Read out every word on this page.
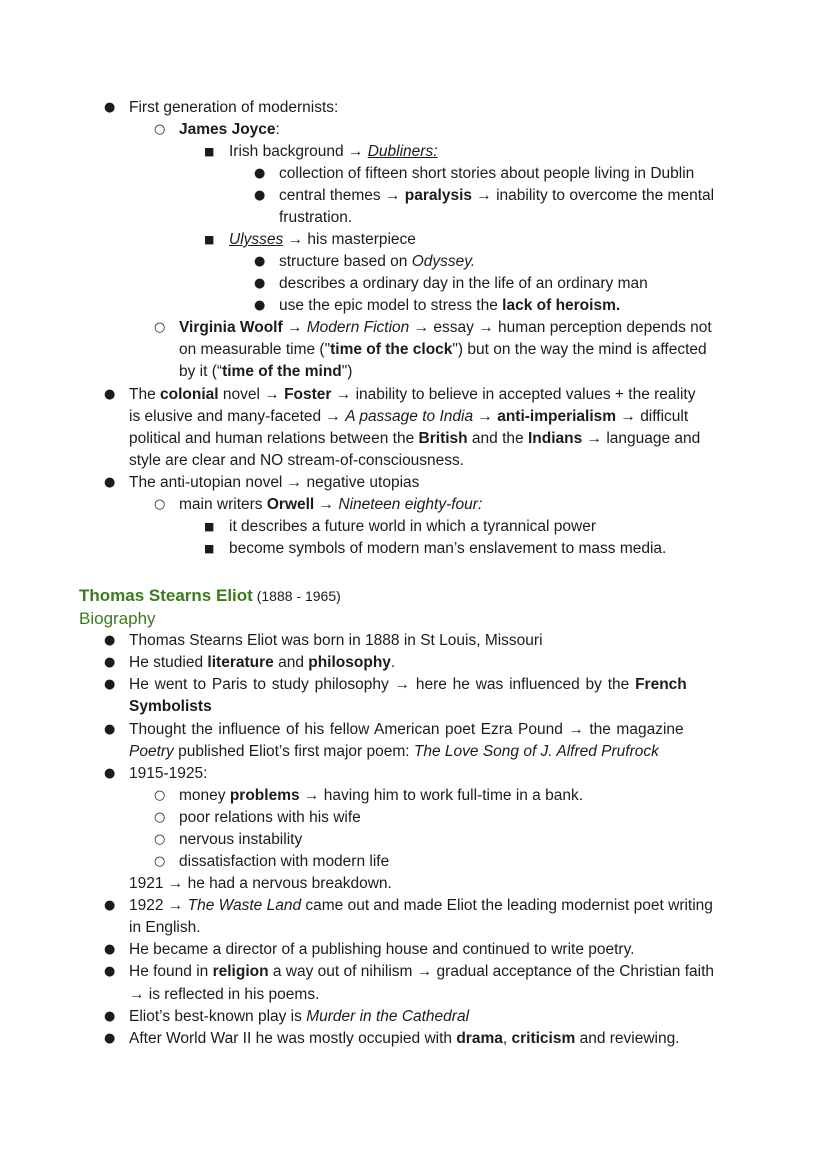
● First generation of modernists:
○ James Joyce:
■ Irish background → Dubliners:
● collection of fifteen short stories about people living in Dublin
● central themes → paralysis → inability to overcome the mental
frustration.
■ Ulysses → his masterpiece
● structure based on Odyssey.
● describes a ordinary day in the life of an ordinary man
● use the epic model to stress the lack of heroism.
○ Virginia Woolf → Modern Fiction → essay → human perception depends not
on measurable time ("time of the clock") but on the way the mind is affected
by it (“time of the mind")
● The colonial novel → Foster → inability to believe in accepted values + the reality
is elusive and many-faceted → A passage to India → anti-imperialism → difficult
political and human relations between the British and the Indians → language and
style are clear and NO stream-of-consciousness.
● The anti-utopian novel → negative utopias
○ main writers Orwell → Nineteen eighty-four:
■ it describes a future world in which a tyrannical power
■ become symbols of modern man’s enslavement to mass media.
Thomas Stearns Eliot (1888 - 1965)
Biography
● Thomas Stearns Eliot was born in 1888 in St Louis, Missouri
● He studied literature and philosophy.
● He went to Paris to study philosophy → here he was influenced by the French
Symbolists
● Thought the influence of his fellow American poet Ezra Pound → the magazine
Poetry published Eliot’s first major poem: The Love Song of J. Alfred Prufrock
● 1915-1925:
○ money problems → having him to work full-time in a bank.
○ poor relations with his wife
○ nervous instability
○ dissatisfaction with modern life
1921 → he had a nervous breakdown.
● 1922 → The Waste Land came out and made Eliot the leading modernist poet writing
in English.
● He became a director of a publishing house and continued to write poetry.
● He found in religion a way out of nihilism → gradual acceptance of the Christian faith
→ is reflected in his poems.
● Eliot’s best-known play is Murder in the Cathedral
● After World War II he was mostly occupied with drama, criticism and reviewing.
